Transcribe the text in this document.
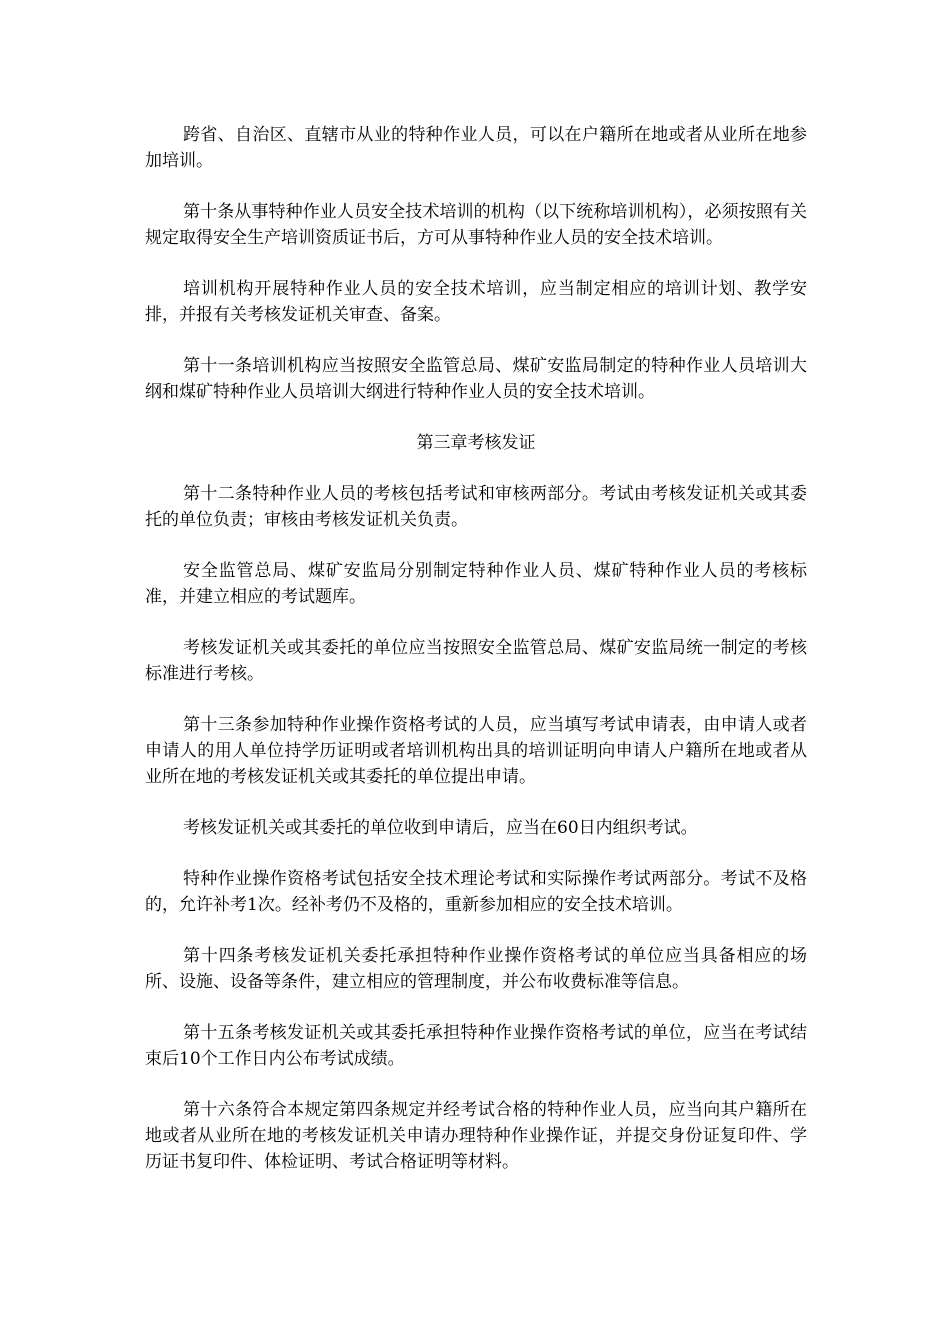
跨省、自治区、直辖市从业的特种作业人员，可以在户籍所在地或者从业所在地参加培训。

第十条从事特种作业人员安全技术培训的机构（以下统称培训机构），必须按照有关规定取得安全生产培训资质证书后，方可从事特种作业人员的安全技术培训。

培训机构开展特种作业人员的安全技术培训，应当制定相应的培训计划、教学安排，并报有关考核发证机关审查、备案。

第十一条培训机构应当按照安全监管总局、煤矿安监局制定的特种作业人员培训大纲和煤矿特种作业人员培训大纲进行特种作业人员的安全技术培训。

第三章考核发证

第十二条特种作业人员的考核包括考试和审核两部分。考试由考核发证机关或其委托的单位负责；审核由考核发证机关负责。

安全监管总局、煤矿安监局分别制定特种作业人员、煤矿特种作业人员的考核标准，并建立相应的考试题库。

考核发证机关或其委托的单位应当按照安全监管总局、煤矿安监局统一制定的考核标准进行考核。

第十三条参加特种作业操作资格考试的人员，应当填写考试申请表，由申请人或者申请人的用人单位持学历证明或者培训机构出具的培训证明向申请人户籍所在地或者从业所在地的考核发证机关或其委托的单位提出申请。

考核发证机关或其委托的单位收到申请后，应当在60日内组织考试。

特种作业操作资格考试包括安全技术理论考试和实际操作考试两部分。考试不及格的，允许补考1次。经补考仍不及格的，重新参加相应的安全技术培训。

第十四条考核发证机关委托承担特种作业操作资格考试的单位应当具备相应的场所、设施、设备等条件，建立相应的管理制度，并公布收费标准等信息。

第十五条考核发证机关或其委托承担特种作业操作资格考试的单位，应当在考试结束后10个工作日内公布考试成绩。

第十六条符合本规定第四条规定并经考试合格的特种作业人员，应当向其户籍所在地或者从业所在地的考核发证机关申请办理特种作业操作证，并提交身份证复印件、学历证书复印件、体检证明、考试合格证明等材料。
